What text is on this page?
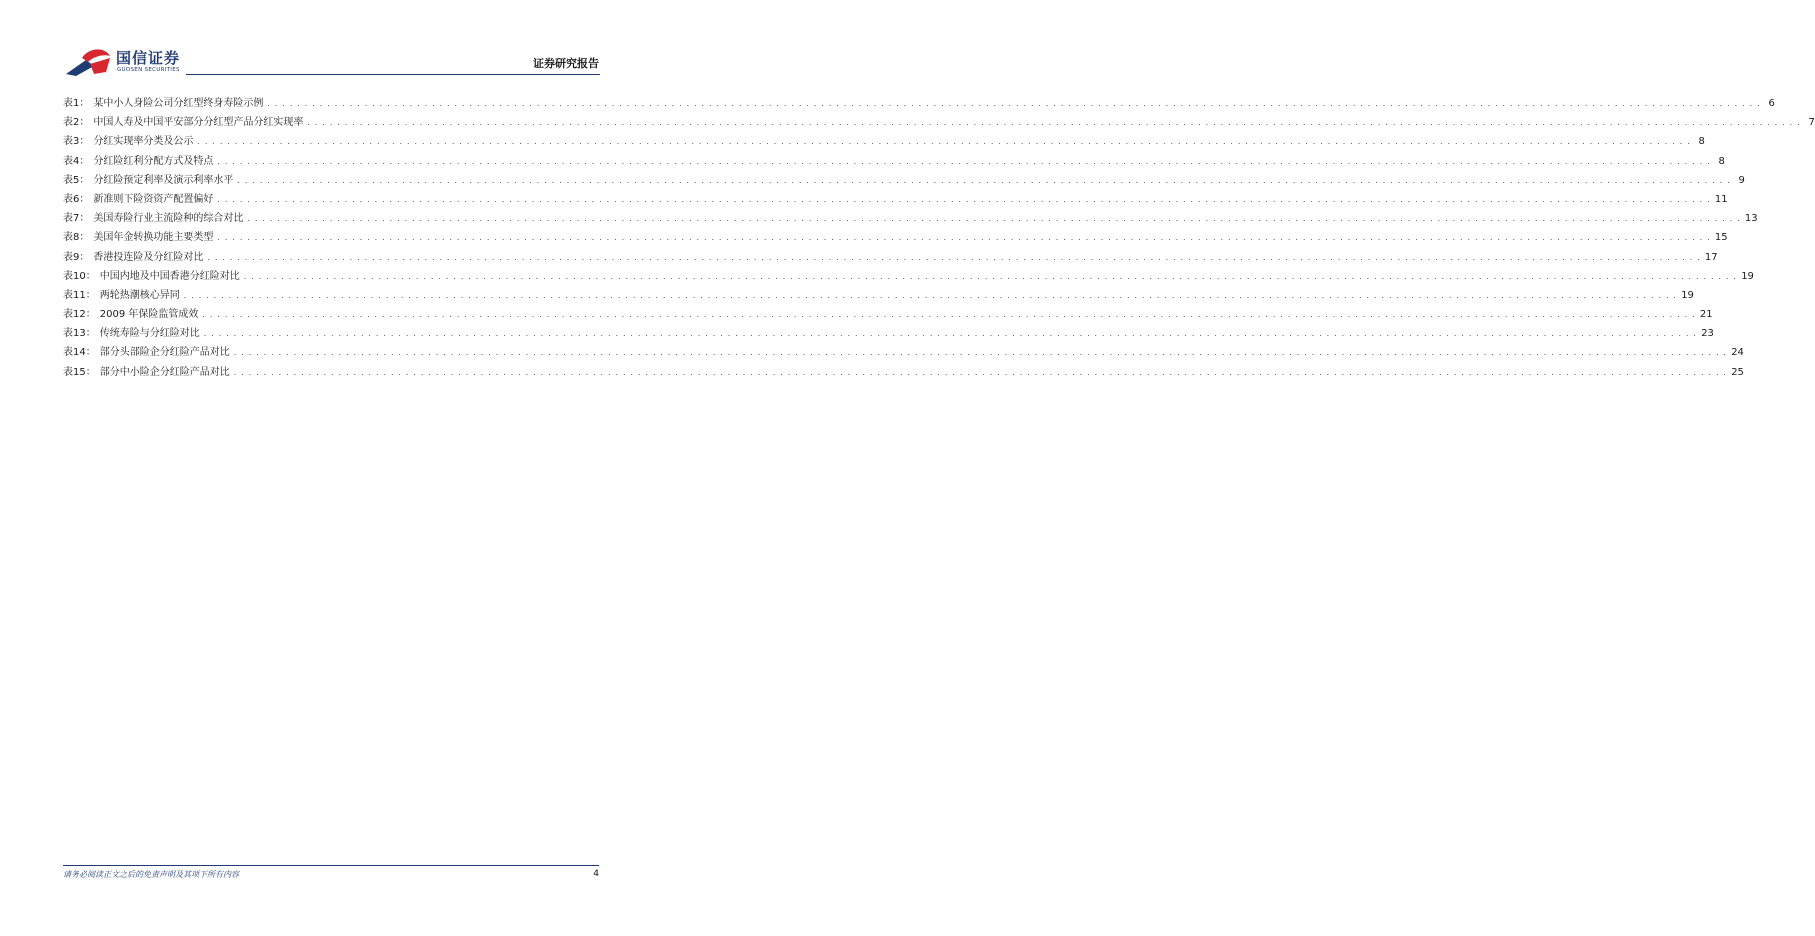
国信证券
GUOSEN SECURITIES	证券研究报告
表1： 某中小人身险公司分红型终身寿险示例 . . . . . . . . . . . . . . . . . . . . . . . . . . . . . . . . . . . . . . . . . . . . . . . . . . . . . . . . . . . . . . . . . . . . . . . . . . . . . . . . . . . . . . . . . . . . . . . . . . . . . . . . . . . . . . . . . . . . . . . . . . . . . . . . . . . . . . . . . . . . . . . . . . . . . . . . . . . . . . . . . . . . . . . . . . . . . . . . . . . . . . . . . . . . . . . . . . . . . . . . 6
表2： 中国人寿及中国平安部分分红型产品分红实现率 . . . . . . . . . . . . . . . . . . . . . . . . . . . . . . . . . . . . . . . . . . . . . . . . . . . . . . . . . . . . . . . . . . . . . . . . . . . . . . . . . . . . . . . . . . . . . . . . . . . . . . . . . . . . . . . . . . . . . . . . . . . . . . . . . . . . . . . . . . . . . . . . . . . . . . . . . . . . . . . . . . . . . . . . . . . . . . . . . . . . . . . . . . . . . . . . . . . . . . . . 7
表3： 分红实现率分类及公示 . . . . . . . . . . . . . . . . . . . . . . . . . . . . . . . . . . . . . . . . . . . . . . . . . . . . . . . . . . . . . . . . . . . . . . . . . . . . . . . . . . . . . . . . . . . . . . . . . . . . . . . . . . . . . . . . . . . . . . . . . . . . . . . . . . . . . . . . . . . . . . . . . . . . . . . . . . . . . . . . . . . . . . . . . . . . . . . . . . . . . . . . . . . . . . . . . . . . . . . . 8
表4： 分红险红利分配方式及特点 . . . . . . . . . . . . . . . . . . . . . . . . . . . . . . . . . . . . . . . . . . . . . . . . . . . . . . . . . . . . . . . . . . . . . . . . . . . . . . . . . . . . . . . . . . . . . . . . . . . . . . . . . . . . . . . . . . . . . . . . . . . . . . . . . . . . . . . . . . . . . . . . . . . . . . . . . . . . . . . . . . . . . . . . . . . . . . . . . . . . . . . . . . . . . . . . . . . . . . . . 8
表5： 分红险预定利率及演示利率水平 . . . . . . . . . . . . . . . . . . . . . . . . . . . . . . . . . . . . . . . . . . . . . . . . . . . . . . . . . . . . . . . . . . . . . . . . . . . . . . . . . . . . . . . . . . . . . . . . . . . . . . . . . . . . . . . . . . . . . . . . . . . . . . . . . . . . . . . . . . . . . . . . . . . . . . . . . . . . . . . . . . . . . . . . . . . . . . . . . . . . . . . . . . . . . . . . . . . . . . . . 9
表6： 新准则下险资资产配置偏好 . . . . . . . . . . . . . . . . . . . . . . . . . . . . . . . . . . . . . . . . . . . . . . . . . . . . . . . . . . . . . . . . . . . . . . . . . . . . . . . . . . . . . . . . . . . . . . . . . . . . . . . . . . . . . . . . . . . . . . . . . . . . . . . . . . . . . . . . . . . . . . . . . . . . . . . . . . . . . . . . . . . . . . . . . . . . . . . . . . . . . . . . . . . . . . . . . . . . . . . . 11
表7： 美国寿险行业主流险种的综合对比 . . . . . . . . . . . . . . . . . . . . . . . . . . . . . . . . . . . . . . . . . . . . . . . . . . . . . . . . . . . . . . . . . . . . . . . . . . . . . . . . . . . . . . . . . . . . . . . . . . . . . . . . . . . . . . . . . . . . . . . . . . . . . . . . . . . . . . . . . . . . . . . . . . . . . . . . . . . . . . . . . . . . . . . . . . . . . . . . . . . . . . . . . . . . . . . . . . . . . . . . 13
表8： 美国年金转换功能主要类型 . . . . . . . . . . . . . . . . . . . . . . . . . . . . . . . . . . . . . . . . . . . . . . . . . . . . . . . . . . . . . . . . . . . . . . . . . . . . . . . . . . . . . . . . . . . . . . . . . . . . . . . . . . . . . . . . . . . . . . . . . . . . . . . . . . . . . . . . . . . . . . . . . . . . . . . . . . . . . . . . . . . . . . . . . . . . . . . . . . . . . . . . . . . . . . . . . . . . . . . . 15
表9： 香港投连险及分红险对比 . . . . . . . . . . . . . . . . . . . . . . . . . . . . . . . . . . . . . . . . . . . . . . . . . . . . . . . . . . . . . . . . . . . . . . . . . . . . . . . . . . . . . . . . . . . . . . . . . . . . . . . . . . . . . . . . . . . . . . . . . . . . . . . . . . . . . . . . . . . . . . . . . . . . . . . . . . . . . . . . . . . . . . . . . . . . . . . . . . . . . . . . . . . . . . . . . . . . . . . . 17
表10： 中国内地及中国香港分红险对比 . . . . . . . . . . . . . . . . . . . . . . . . . . . . . . . . . . . . . . . . . . . . . . . . . . . . . . . . . . . . . . . . . . . . . . . . . . . . . . . . . . . . . . . . . . . . . . . . . . . . . . . . . . . . . . . . . . . . . . . . . . . . . . . . . . . . . . . . . . . . . . . . . . . . . . . . . . . . . . . . . . . . . . . . . . . . . . . . . . . . . . . . . . . . . . . . . . . . . . . . 19
表11： 两轮热潮核心异同 . . . . . . . . . . . . . . . . . . . . . . . . . . . . . . . . . . . . . . . . . . . . . . . . . . . . . . . . . . . . . . . . . . . . . . . . . . . . . . . . . . . . . . . . . . . . . . . . . . . . . . . . . . . . . . . . . . . . . . . . . . . . . . . . . . . . . . . . . . . . . . . . . . . . . . . . . . . . . . . . . . . . . . . . . . . . . . . . . . . . . . . . . . . . . . . . . . . . . . . . 19
表12： 2009 年保险监管成效 . . . . . . . . . . . . . . . . . . . . . . . . . . . . . . . . . . . . . . . . . . . . . . . . . . . . . . . . . . . . . . . . . . . . . . . . . . . . . . . . . . . . . . . . . . . . . . . . . . . . . . . . . . . . . . . . . . . . . . . . . . . . . . . . . . . . . . . . . . . . . . . . . . . . . . . . . . . . . . . . . . . . . . . . . . . . . . . . . . . . . . . . . . . . . . . . . . . . . . . . 21
表13： 传统寿险与分红险对比 . . . . . . . . . . . . . . . . . . . . . . . . . . . . . . . . . . . . . . . . . . . . . . . . . . . . . . . . . . . . . . . . . . . . . . . . . . . . . . . . . . . . . . . . . . . . . . . . . . . . . . . . . . . . . . . . . . . . . . . . . . . . . . . . . . . . . . . . . . . . . . . . . . . . . . . . . . . . . . . . . . . . . . . . . . . . . . . . . . . . . . . . . . . . . . . . . . . . . . . . 23
表14： 部分头部险企分红险产品对比 . . . . . . . . . . . . . . . . . . . . . . . . . . . . . . . . . . . . . . . . . . . . . . . . . . . . . . . . . . . . . . . . . . . . . . . . . . . . . . . . . . . . . . . . . . . . . . . . . . . . . . . . . . . . . . . . . . . . . . . . . . . . . . . . . . . . . . . . . . . . . . . . . . . . . . . . . . . . . . . . . . . . . . . . . . . . . . . . . . . . . . . . . . . . . . . . . . . . . . . . 24
表15： 部分中小险企分红险产品对比 . . . . . . . . . . . . . . . . . . . . . . . . . . . . . . . . . . . . . . . . . . . . . . . . . . . . . . . . . . . . . . . . . . . . . . . . . . . . . . . . . . . . . . . . . . . . . . . . . . . . . . . . . . . . . . . . . . . . . . . . . . . . . . . . . . . . . . . . . . . . . . . . . . . . . . . . . . . . . . . . . . . . . . . . . . . . . . . . . . . . . . . . . . . . . . . . . . . . . . . . 25
请务必阅读正文之后的免责声明及其项下所有内容	4
